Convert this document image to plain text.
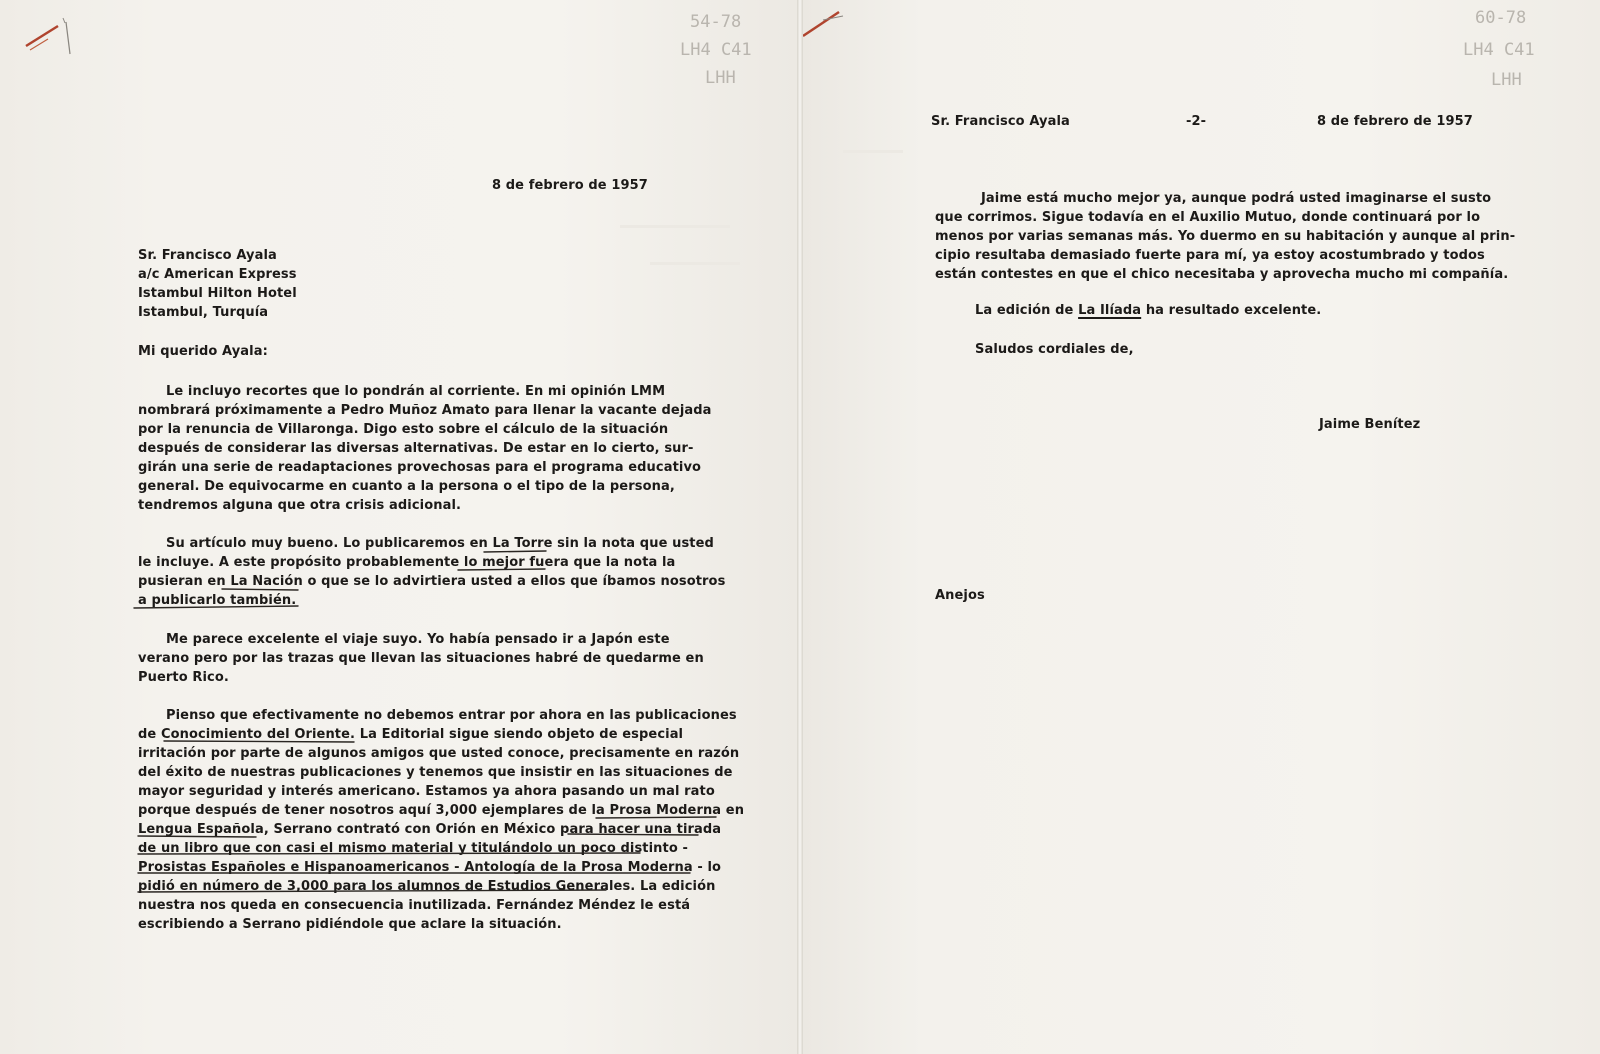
54-78
LH4 C41
LHH
8 de febrero de 1957
Sr. Francisco Ayala
a/c American Express
Istambul Hilton Hotel
Istambul, Turquía
Mi querido Ayala:
Le incluyo recortes que lo pondrán al corriente. En mi opinión LMM
nombrará próximamente a Pedro Muñoz Amato para llenar la vacante dejada
por la renuncia de Villaronga. Digo esto sobre el cálculo de la situación
después de considerar las diversas alternativas. De estar en lo cierto, sur-
girán una serie de readaptaciones provechosas para el programa educativo
general. De equivocarme en cuanto a la persona o el tipo de la persona,
tendremos alguna que otra crisis adicional.
Su artículo muy bueno. Lo publicaremos en La Torre sin la nota que usted
le incluye. A este propósito probablemente lo mejor fuera que la nota la
pusieran en La Nación o que se lo advirtiera usted a ellos que íbamos nosotros
a publicarlo también.
Me parece excelente el viaje suyo. Yo había pensado ir a Japón este
verano pero por las trazas que llevan las situaciones habré de quedarme en
Puerto Rico.
Pienso que efectivamente no debemos entrar por ahora en las publicaciones
de Conocimiento del Oriente. La Editorial sigue siendo objeto de especial
irritación por parte de algunos amigos que usted conoce, precisamente en razón
del éxito de nuestras publicaciones y tenemos que insistir en las situaciones de
mayor seguridad y interés americano. Estamos ya ahora pasando un mal rato
porque después de tener nosotros aquí 3,000 ejemplares de la Prosa Moderna en
Lengua Española, Serrano contrató con Orión en México para hacer una tirada
de un libro que con casi el mismo material y titulándolo un poco distinto -
Prosistas Españoles e Hispanoamericanos - Antología de la Prosa Moderna - lo
pidió en número de 3,000 para los alumnos de Estudios Generales. La edición
nuestra nos queda en consecuencia inutilizada. Fernández Méndez le está
escribiendo a Serrano pidiéndole que aclare la situación.
60-78
LH4 C41
LHH
Sr. Francisco Ayala	-2-	8 de febrero de 1957
Jaime está mucho mejor ya, aunque podrá usted imaginarse el susto
que corrimos. Sigue todavía en el Auxilio Mutuo, donde continuará por lo
menos por varias semanas más. Yo duermo en su habitación y aunque al prin-
cipio resultaba demasiado fuerte para mí, ya estoy acostumbrado y todos
están contestes en que el chico necesitaba y aprovecha mucho mi compañía.
La edición de La Ilíada ha resultado excelente.
Saludos cordiales de,
Jaime Benítez
Anejos
